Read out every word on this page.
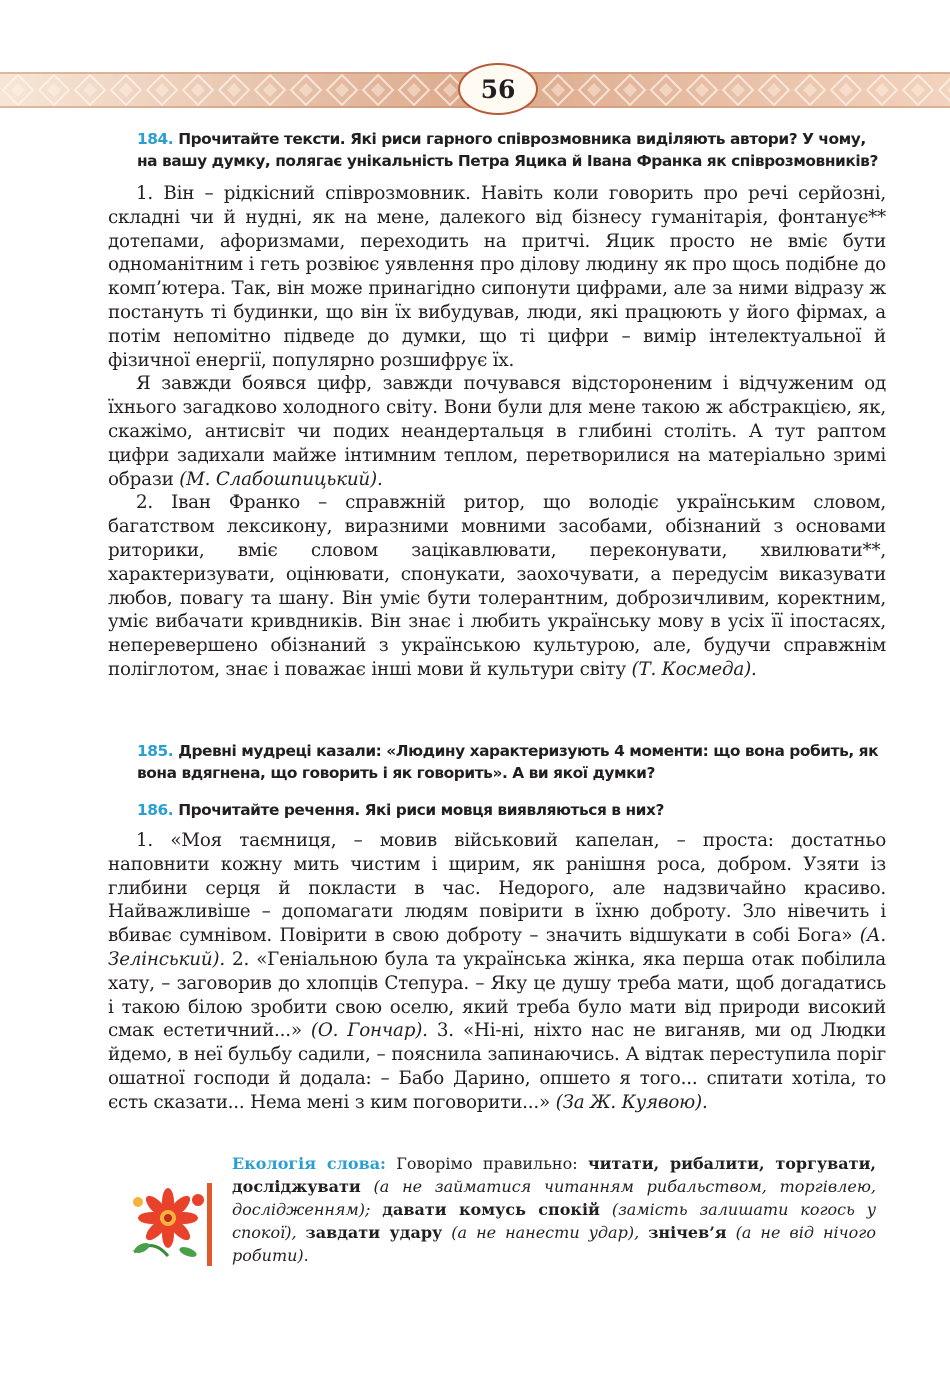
56
184. Прочитайте тексти. Які риси гарного співрозмовника виділяють автори? У чому, на вашу думку, полягає унікальність Петра Яцика й Івана Франка як співрозмовників?

1. Він – рідкісний співрозмовник. Навіть коли говорить про речі серйозні, складні чи й нудні, як на мене, далекого від бізнесу гуманітарія, фонтанує** дотепами, афоризмами, переходить на притчі. Яцик просто не вміє бути одноманітним і геть розвіює уявлення про ділову людину як про щось подібне до комп’ютера. Так, він може принагідно сипонути цифрами, але за ними відразу ж постануть ті будинки, що він їх вибудував, люди, які працюють у його фірмах, а потім непомітно підведе до думки, що ті цифри – вимір інтелектуальної й фізичної енергії, популярно розшифрує їх.

Я завжди боявся цифр, завжди почувався відстороненим і відчуженим од їхнього загадково холодного світу. Вони були для мене такою ж абстракцією, як, скажімо, антисвіт чи подих неандертальця в глибині століть. А тут раптом цифри задихали майже інтимним теплом, перетворилися на матеріально зримі образи (М. Слабошпицький).

2. Іван Франко – справжній ритор, що володіє українським словом, багатством лексикону, виразними мовними засобами, обізнаний з основами риторики, вміє словом зацікавлювати, переконувати, хвилювати**, характеризувати, оцінювати, спонукати, заохочувати, а передусім виказувати любов, повагу та шану. Він уміє бути толерантним, доброзичливим, коректним, уміє вибачати кривдників. Він знає і любить українську мову в усіх її іпостасях, неперевершено обізнаний з українською культурою, але, будучи справжнім поліглотом, знає і поважає інші мови й культури світу (Т. Космеда).

185. Древні мудреці казали: «Людину характеризують 4 моменти: що вона робить, як вона вдягнена, що говорить і як говорить». А ви якої думки?
186. Прочитайте речення. Які риси мовця виявляються в них?

1. «Моя таємниця, – мовив військовий капелан, – проста: достатньо наповнити кожну мить чистим і щирим, як ранішня роса, добром. Узяти із глибини серця й покласти в час. Недорого, але надзвичайно красиво. Найважливіше – допомагати людям повірити в їхню доброту. Зло нівечить і вбиває сумнівом. Повірити в свою доброту – значить відшукати в собі Бога» (А. Зелінський). 2. «Геніальною була та українська жінка, яка перша отак побілила хату, – заговорив до хлопців Степура. – Яку це душу треба мати, щоб догадатись і такою білою зробити свою оселю, який треба було мати від природи високий смак естетичний...» (О. Гончар). 3. «Ні-ні, ніхто нас не виганяв, ми од Людки йдемо, в неї бульбу садили, – пояснила запинаючись. А відтак переступила поріг ошатної господи й додала: – Бабо Дарино, опшето я того... спитати хотіла, то єсть сказати... Нема мені з ким поговорити...» (За Ж. Куявою).

Екологія слова: Говорімо правильно: читати, рибалити, торгувати, досліджувати (а не займатися читанням рибальством, торгівлею, дослідженням); давати комусь спокій (замість залишати когось у спокої), завдати удару (а не нанести удар), знічев’я (а не від нічого робити).
